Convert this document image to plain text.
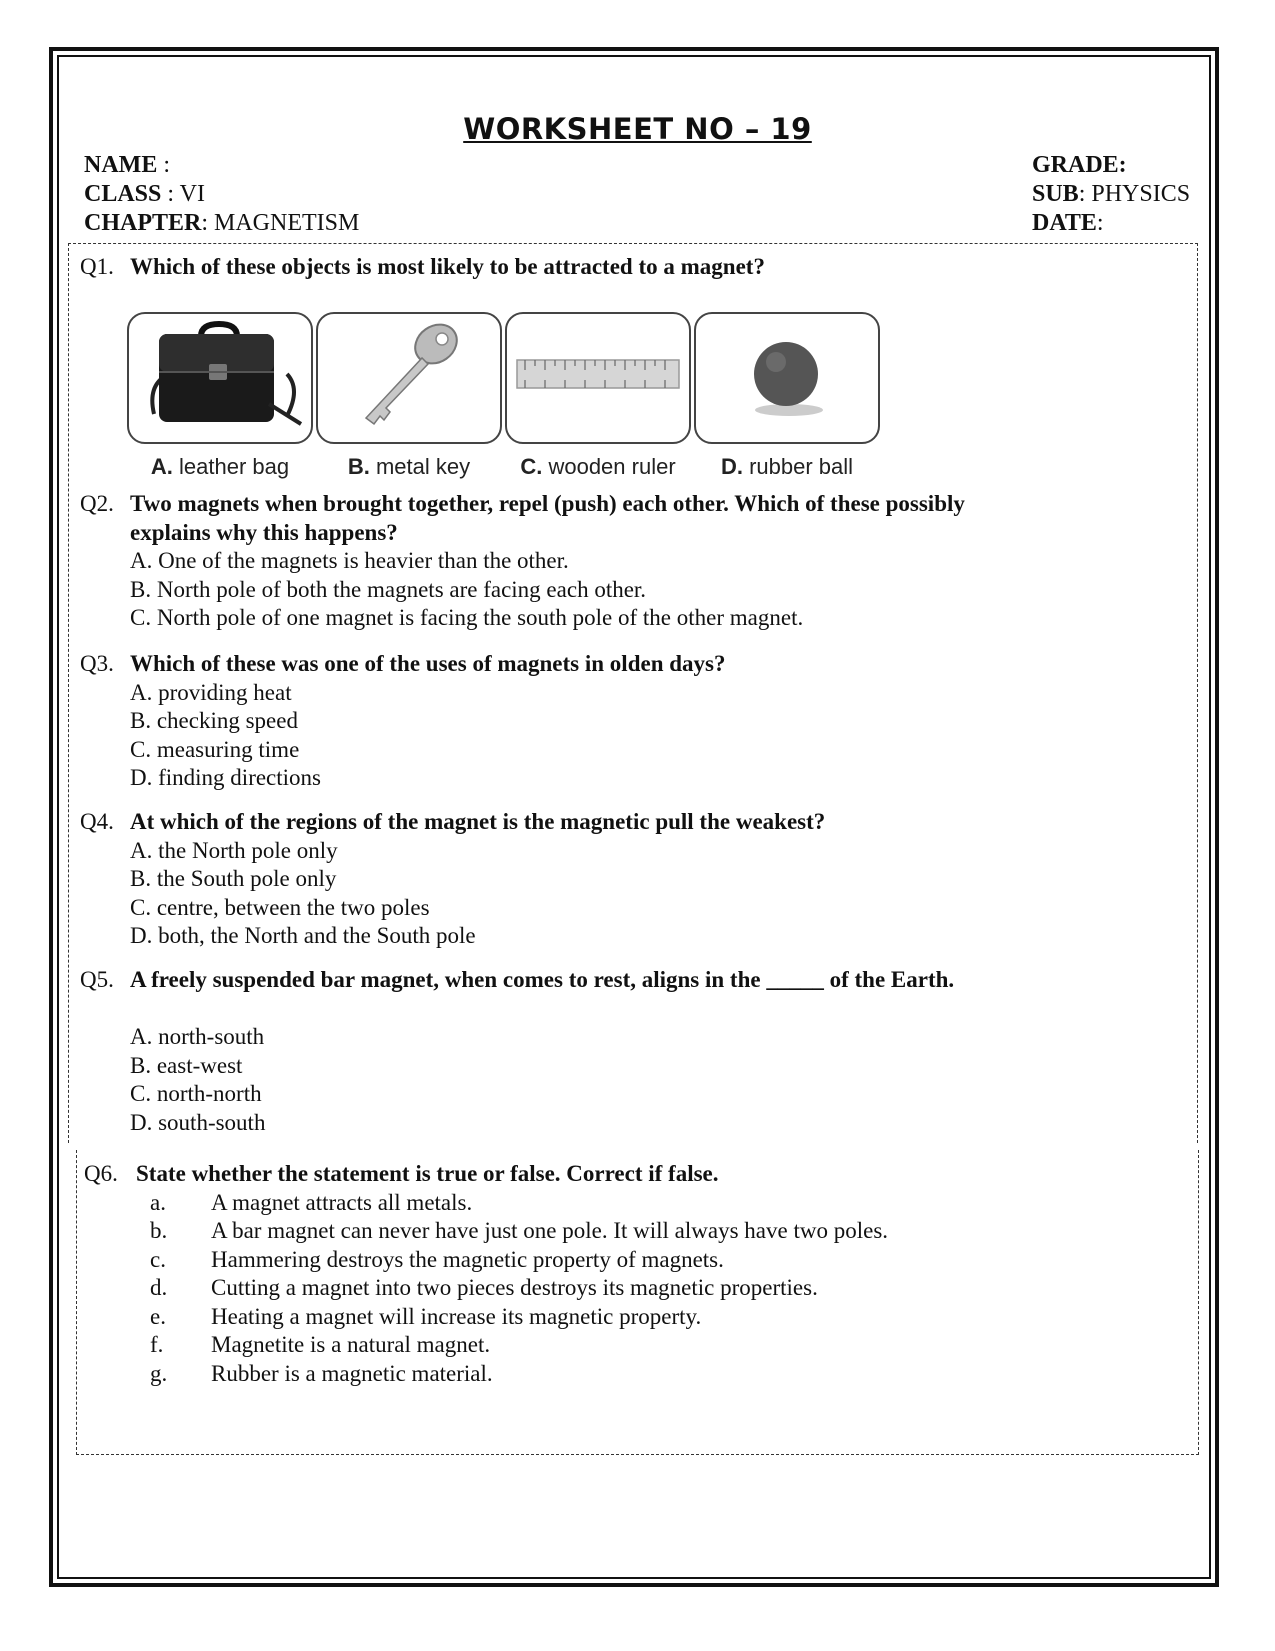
WORKSHEET NO – 19
NAME :
CLASS : VI
CHAPTER: MAGNETISM
GRADE:
SUB: PHYSICS
DATE:
Q1. Which of these objects is most likely to be attracted to a magnet?
A. leather bag	B. metal key	C. wooden ruler	D. rubber ball
Q2. Two magnets when brought together, repel (push) each other. Which of these possibly
explains why this happens?
A. One of the magnets is heavier than the other.
B. North pole of both the magnets are facing each other.
C. North pole of one magnet is facing the south pole of the other magnet.
Q3. Which of these was one of the uses of magnets in olden days?
A. providing heat
B. checking speed
C. measuring time
D. finding directions
Q4. At which of the regions of the magnet is the magnetic pull the weakest?
A. the North pole only
B. the South pole only
C. centre, between the two poles
D. both, the North and the South pole
Q5. A freely suspended bar magnet, when comes to rest, aligns in the _____ of the Earth.
A. north-south
B. east-west
C. north-north
D. south-south
Q6. State whether the statement is true or false. Correct if false.
a. A magnet attracts all metals.
b. A bar magnet can never have just one pole. It will always have two poles.
c. Hammering destroys the magnetic property of magnets.
d. Cutting a magnet into two pieces destroys its magnetic properties.
e. Heating a magnet will increase its magnetic property.
f. Magnetite is a natural magnet.
g. Rubber is a magnetic material.
